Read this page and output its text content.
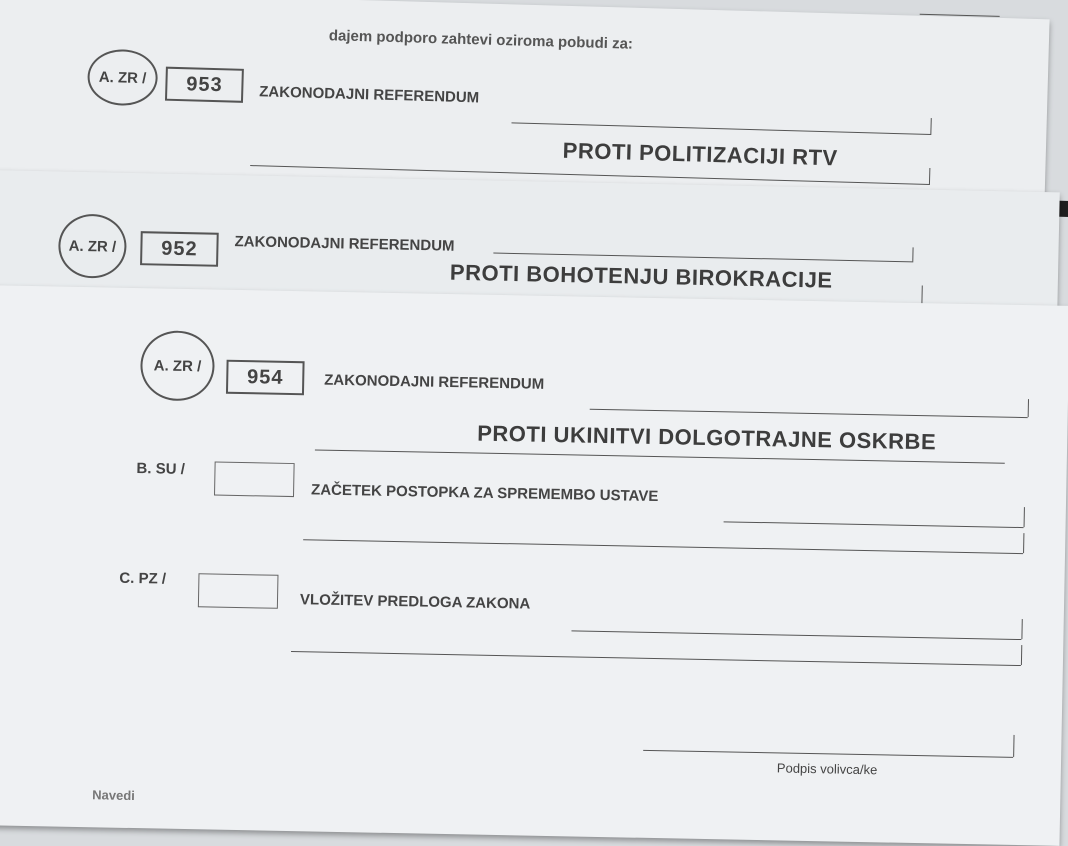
dajem podporo zahtevi oziroma pobudi za:
A. ZR /	953	ZAKONODAJNI REFERENDUM
PROTI POLITIZACIJI RTV
A. ZR /	952	ZAKONODAJNI REFERENDUM
PROTI BOHOTENJU BIROKRACIJE
A. ZR /	954	ZAKONODAJNI REFERENDUM
PROTI UKINITVI DOLGOTRAJNE OSKRBE
B. SU /
ZAČETEK POSTOPKA ZA SPREMEMBO USTAVE
C. PZ /
VLOŽITEV PREDLOGA ZAKONA
Podpis volivca/ke
Navedi
